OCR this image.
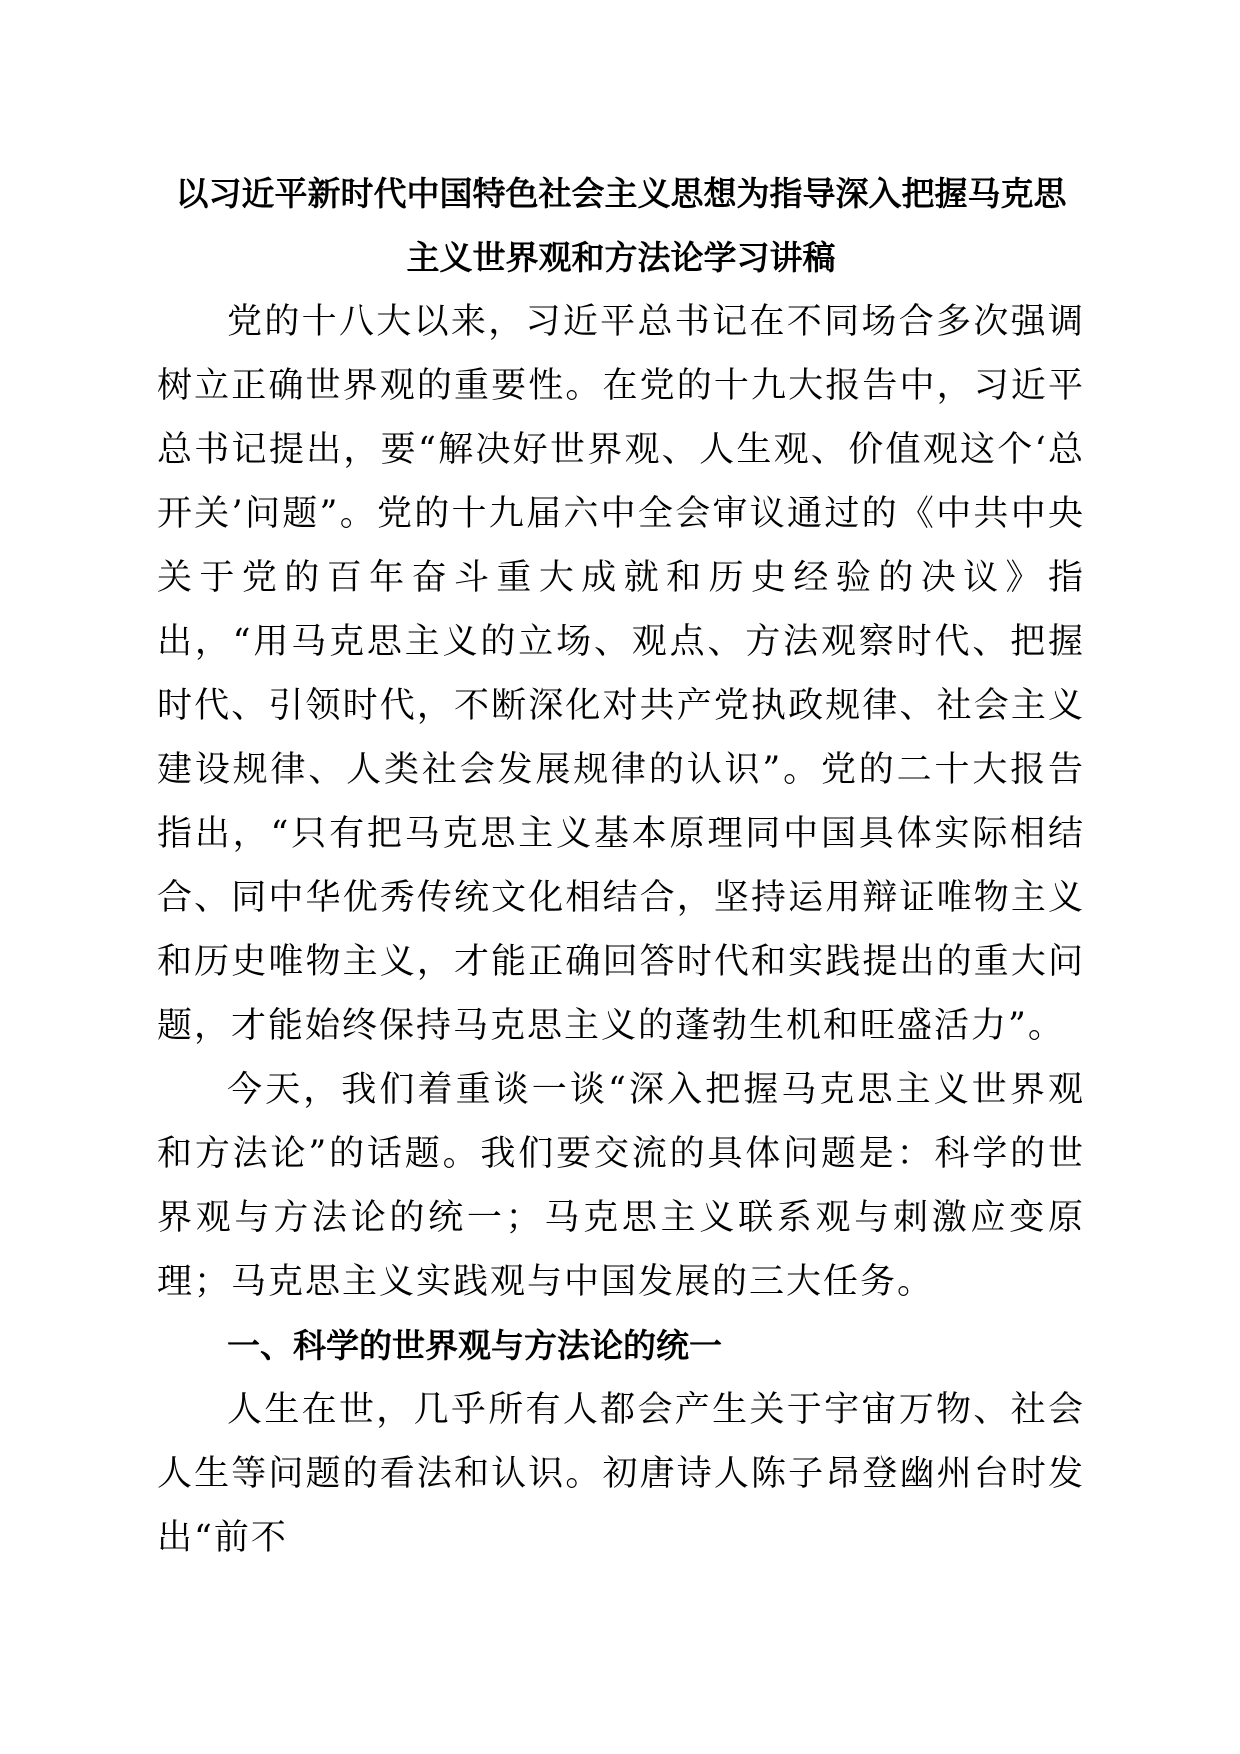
以习近平新时代中国特色社会主义思想为指导深入把握马克思
主义世界观和方法论学习讲稿

党的十八大以来，习近平总书记在不同场合多次强调树立正确世界观的重要性。在党的十九大报告中，习近平总书记提出，要“解决好世界观、人生观、价值观这个‘总开关’问题”。党的十九届六中全会审议通过的《中共中央关于党的百年奋斗重大成就和历史经验的决议》指出，“用马克思主义的立场、观点、方法观察时代、把握时代、引领时代，不断深化对共产党执政规律、社会主义建设规律、人类社会发展规律的认识”。党的二十大报告指出，“只有把马克思主义基本原理同中国具体实际相结合、同中华优秀传统文化相结合，坚持运用辩证唯物主义和历史唯物主义，才能正确回答时代和实践提出的重大问题，才能始终保持马克思主义的蓬勃生机和旺盛活力”。

今天，我们着重谈一谈“深入把握马克思主义世界观和方法论”的话题。我们要交流的具体问题是：科学的世界观与方法论的统一；马克思主义联系观与刺激应变原理；马克思主义实践观与中国发展的三大任务。

一、科学的世界观与方法论的统一

人生在世，几乎所有人都会产生关于宇宙万物、社会人生等问题的看法和认识。初唐诗人陈子昂登幽州台时发出“前不
